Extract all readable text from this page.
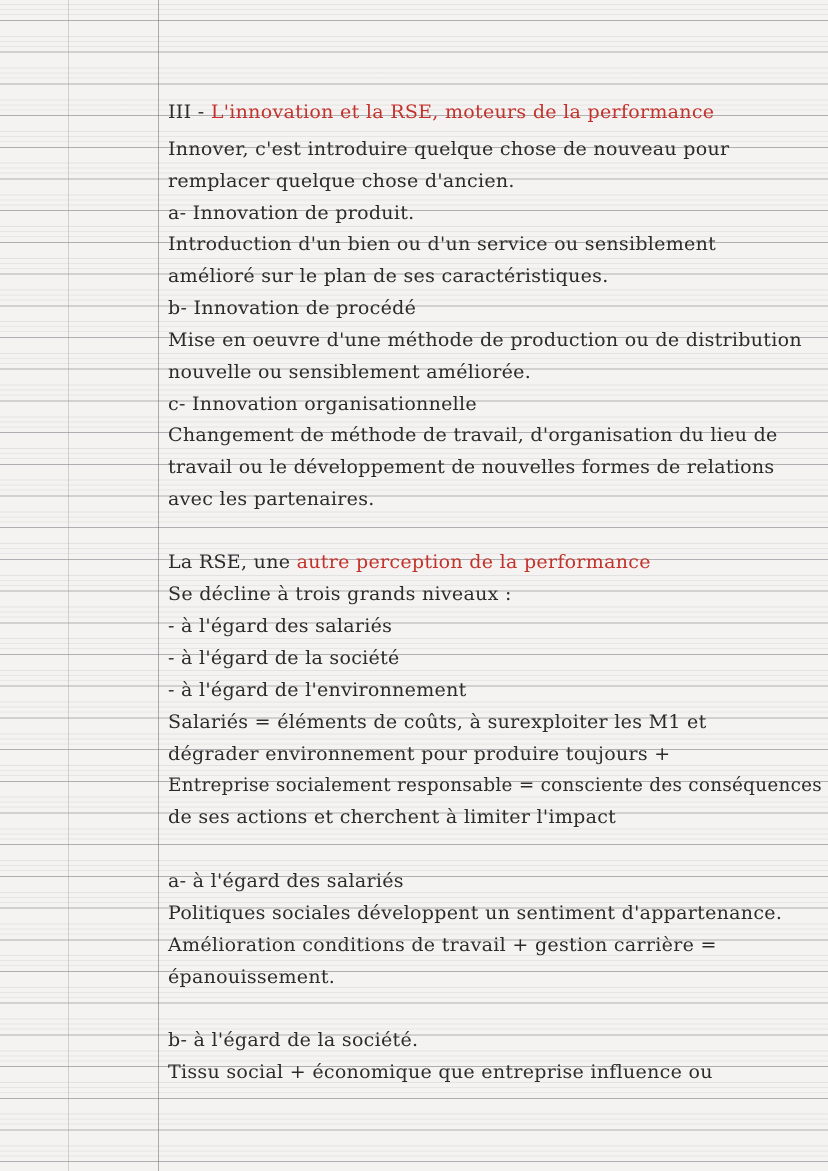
III - L'innovation et la RSE, moteurs de la performance
Innover, c'est introduire quelque chose de nouveau pour
remplacer quelque chose d'ancien.
a- Innovation de produit.
Introduction d'un bien ou d'un service ou sensiblement
amélioré sur le plan de ses caractéristiques.
b- Innovation de procédé
Mise en oeuvre d'une méthode de production ou de distribution
nouvelle ou sensiblement améliorée.
c- Innovation organisationnelle
Changement de méthode de travail, d'organisation du lieu de
travail ou le développement de nouvelles formes de relations
avec les partenaires.
La RSE, une autre perception de la performance
Se décline à trois grands niveaux :
- à l'égard des salariés
- à l'égard de la société
- à l'égard de l'environnement
Salariés = éléments de coûts, à surexploiter les M1 et
dégrader environnement pour produire toujours +
Entreprise socialement responsable = consciente des conséquences
de ses actions et cherchent à limiter l'impact
a- à l'égard des salariés
Politiques sociales développent un sentiment d'appartenance.
Amélioration conditions de travail + gestion carrière =
épanouissement.
b- à l'égard de la société.
Tissu social + économique que entreprise influence ou
